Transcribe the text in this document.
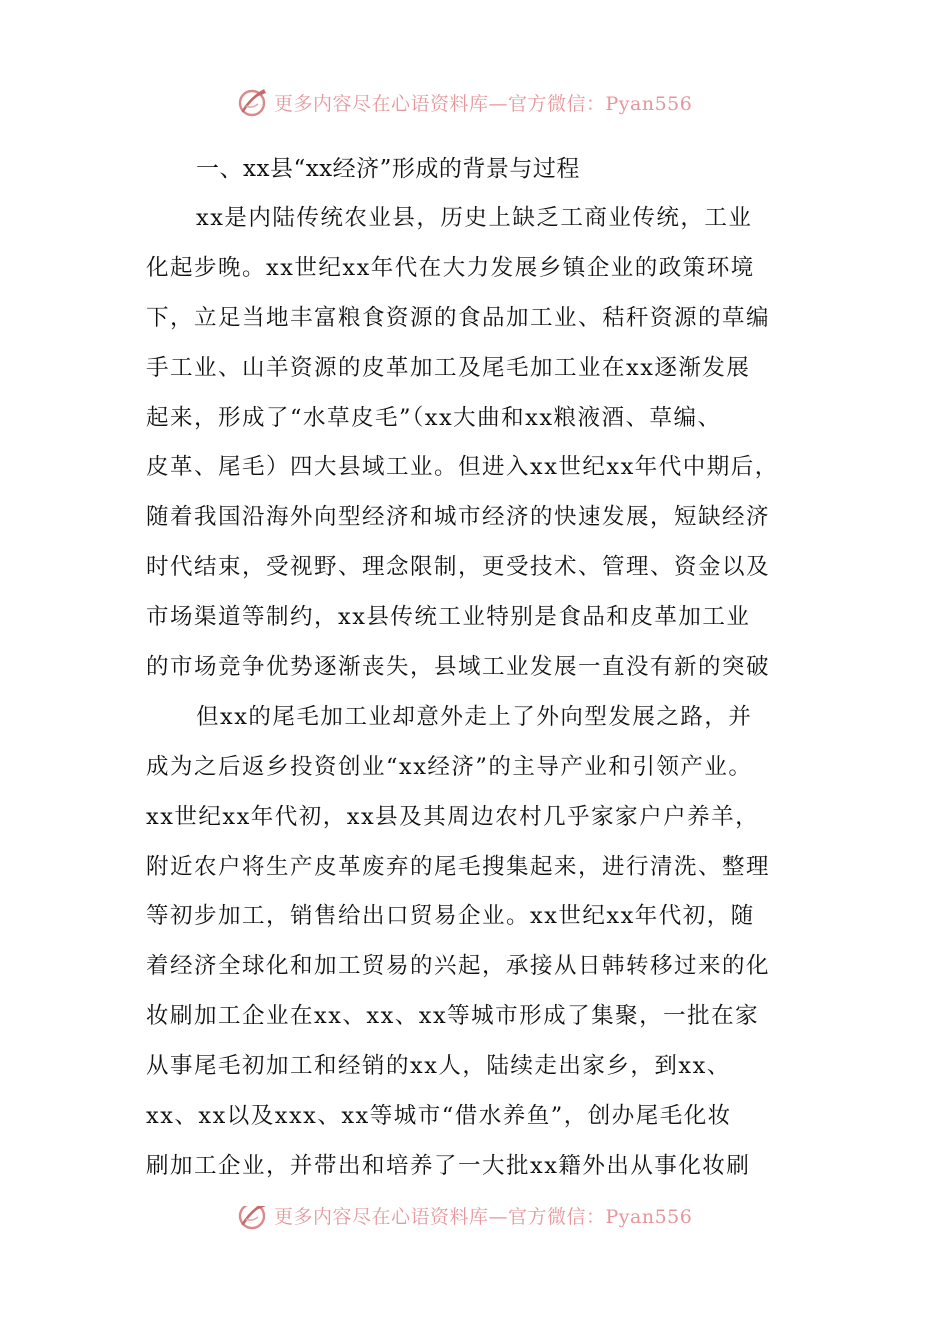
更多内容尽在心语资料库—官方微信：Pyan556
一、xx县“xx经济”形成的背景与过程
xx是内陆传统农业县，历史上缺乏工商业传统，工业
化起步晚。xx世纪xx年代在大力发展乡镇企业的政策环境
下，立足当地丰富粮食资源的食品加工业、秸秆资源的草编
手工业、山羊资源的皮革加工及尾毛加工业在xx逐渐发展
起来，形成了“水草皮毛”（xx大曲和xx粮液酒、草编、
皮革、尾毛）四大县域工业。但进入xx世纪xx年代中期后，
随着我国沿海外向型经济和城市经济的快速发展，短缺经济
时代结束，受视野、理念限制，更受技术、管理、资金以及
市场渠道等制约，xx县传统工业特别是食品和皮革加工业
的市场竞争优势逐渐丧失，县域工业发展一直没有新的突破
但xx的尾毛加工业却意外走上了外向型发展之路，并
成为之后返乡投资创业“xx经济”的主导产业和引领产业。
xx世纪xx年代初，xx县及其周边农村几乎家家户户养羊，
附近农户将生产皮革废弃的尾毛搜集起来，进行清洗、整理
等初步加工，销售给出口贸易企业。xx世纪xx年代初，随
着经济全球化和加工贸易的兴起，承接从日韩转移过来的化
妆刷加工企业在xx、xx、xx等城市形成了集聚，一批在家
从事尾毛初加工和经销的xx人，陆续走出家乡，到xx、
xx、xx以及xxx、xx等城市“借水养鱼”，创办尾毛化妆
刷加工企业，并带出和培养了一大批xx籍外出从事化妆刷
更多内容尽在心语资料库—官方微信：Pyan556
